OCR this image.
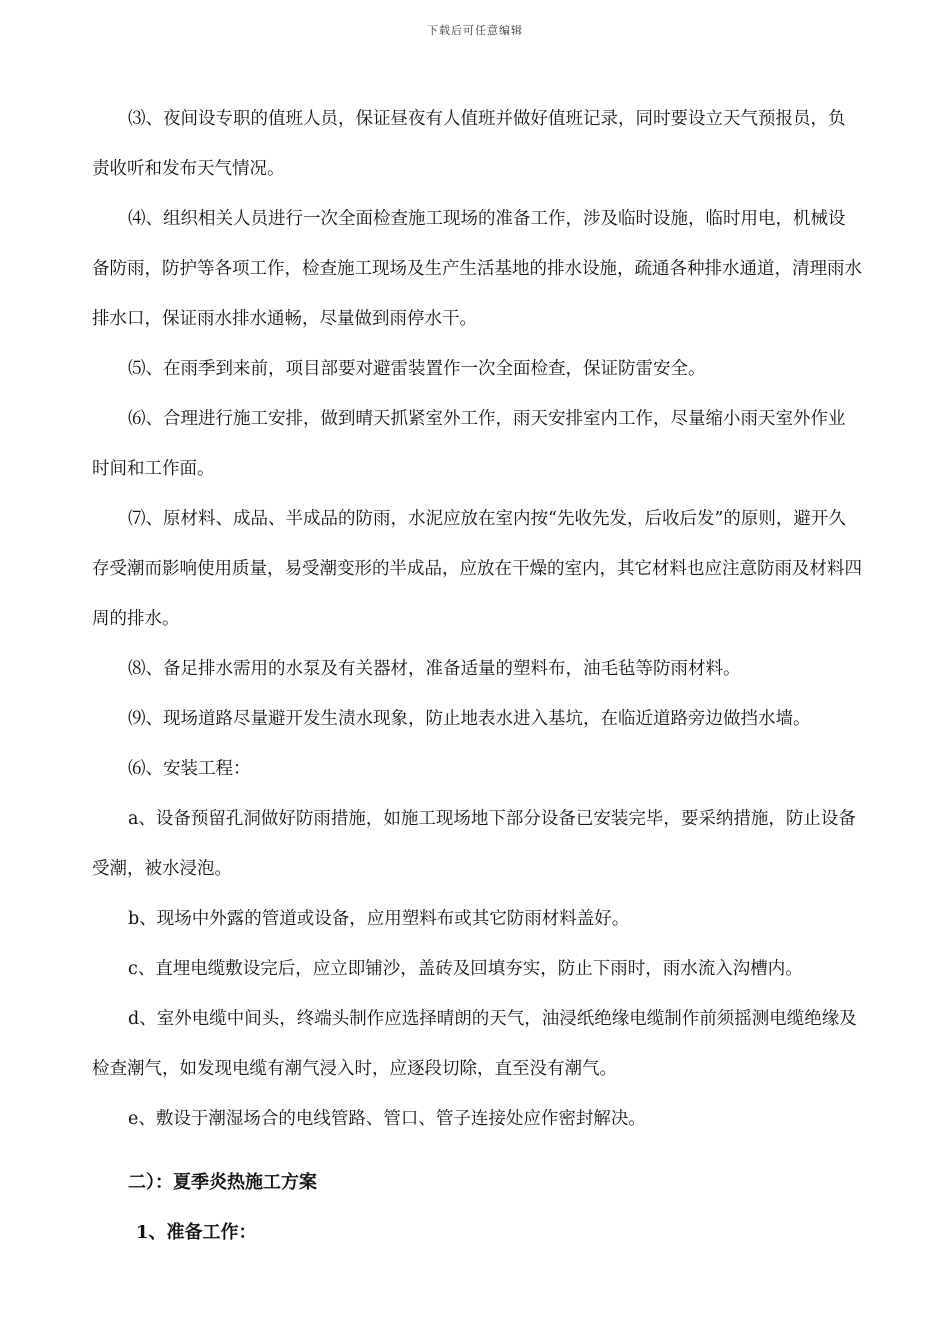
下载后可任意编辑

⑶、夜间设专职的值班人员，保证昼夜有人值班并做好值班记录，同时要设立天气预报员，负责收听和发布天气情况。

⑷、组织相关人员进行一次全面检查施工现场的准备工作，涉及临时设施，临时用电，机械设备防雨，防护等各项工作，检查施工现场及生产生活基地的排水设施，疏通各种排水通道，清理雨水排水口，保证雨水排水通畅，尽量做到雨停水干。

⑸、在雨季到来前，项目部要对避雷装置作一次全面检查，保证防雷安全。

⑹、合理进行施工安排，做到晴天抓紧室外工作，雨天安排室内工作，尽量缩小雨天室外作业时间和工作面。

⑺、原材料、成品、半成品的防雨，水泥应放在室内按“先收先发，后收后发”的原则，避开久存受潮而影响使用质量，易受潮变形的半成品，应放在干燥的室内，其它材料也应注意防雨及材料四周的排水。

⑻、备足排水需用的水泵及有关器材，准备适量的塑料布，油毛毡等防雨材料。

⑼、现场道路尽量避开发生渍水现象，防止地表水进入基坑，在临近道路旁边做挡水墙。

⑹、安装工程：

a、设备预留孔洞做好防雨措施，如施工现场地下部分设备已安装完毕，要采纳措施，防止设备受潮，被水浸泡。

b、现场中外露的管道或设备，应用塑料布或其它防雨材料盖好。

c、直埋电缆敷设完后，应立即铺沙，盖砖及回填夯实，防止下雨时，雨水流入沟槽内。

d、室外电缆中间头，终端头制作应选择晴朗的天气，油浸纸绝缘电缆制作前须摇测电缆绝缘及检查潮气，如发现电缆有潮气浸入时，应逐段切除，直至没有潮气。

e、敷设于潮湿场合的电线管路、管口、管子连接处应作密封解决。

二）：夏季炎热施工方案
1、准备工作：
